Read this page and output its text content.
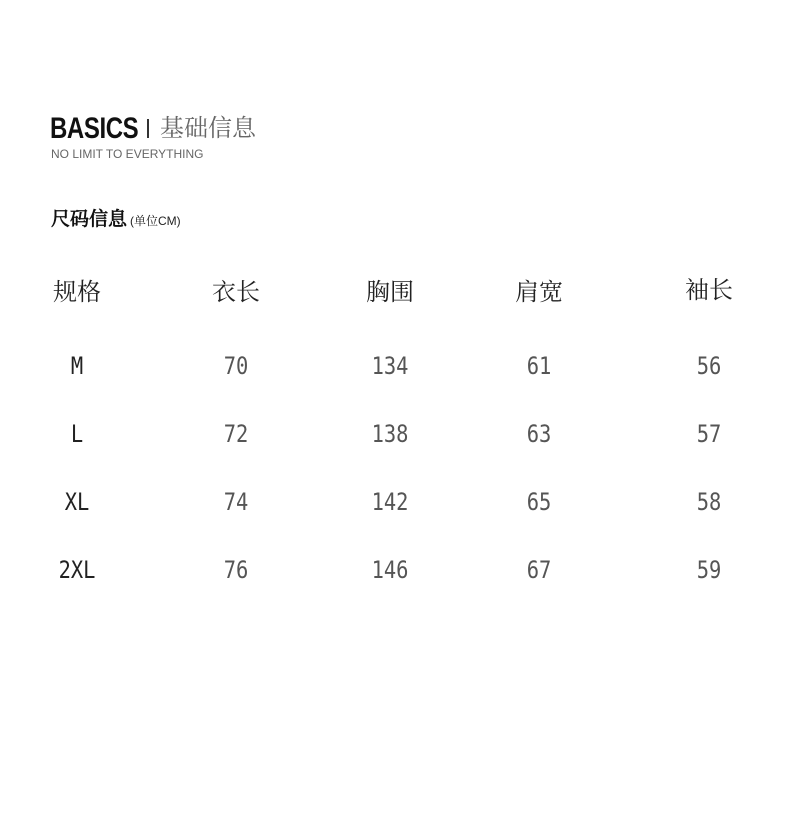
BASICS 基础信息
NO LIMIT TO EVERYTHING
尺码信息 (单位CM)
规格	衣长	胸围	肩宽	袖长
M	70	134	61	56
L	72	138	63	57
XL	74	142	65	58
2XL	76	146	67	59
